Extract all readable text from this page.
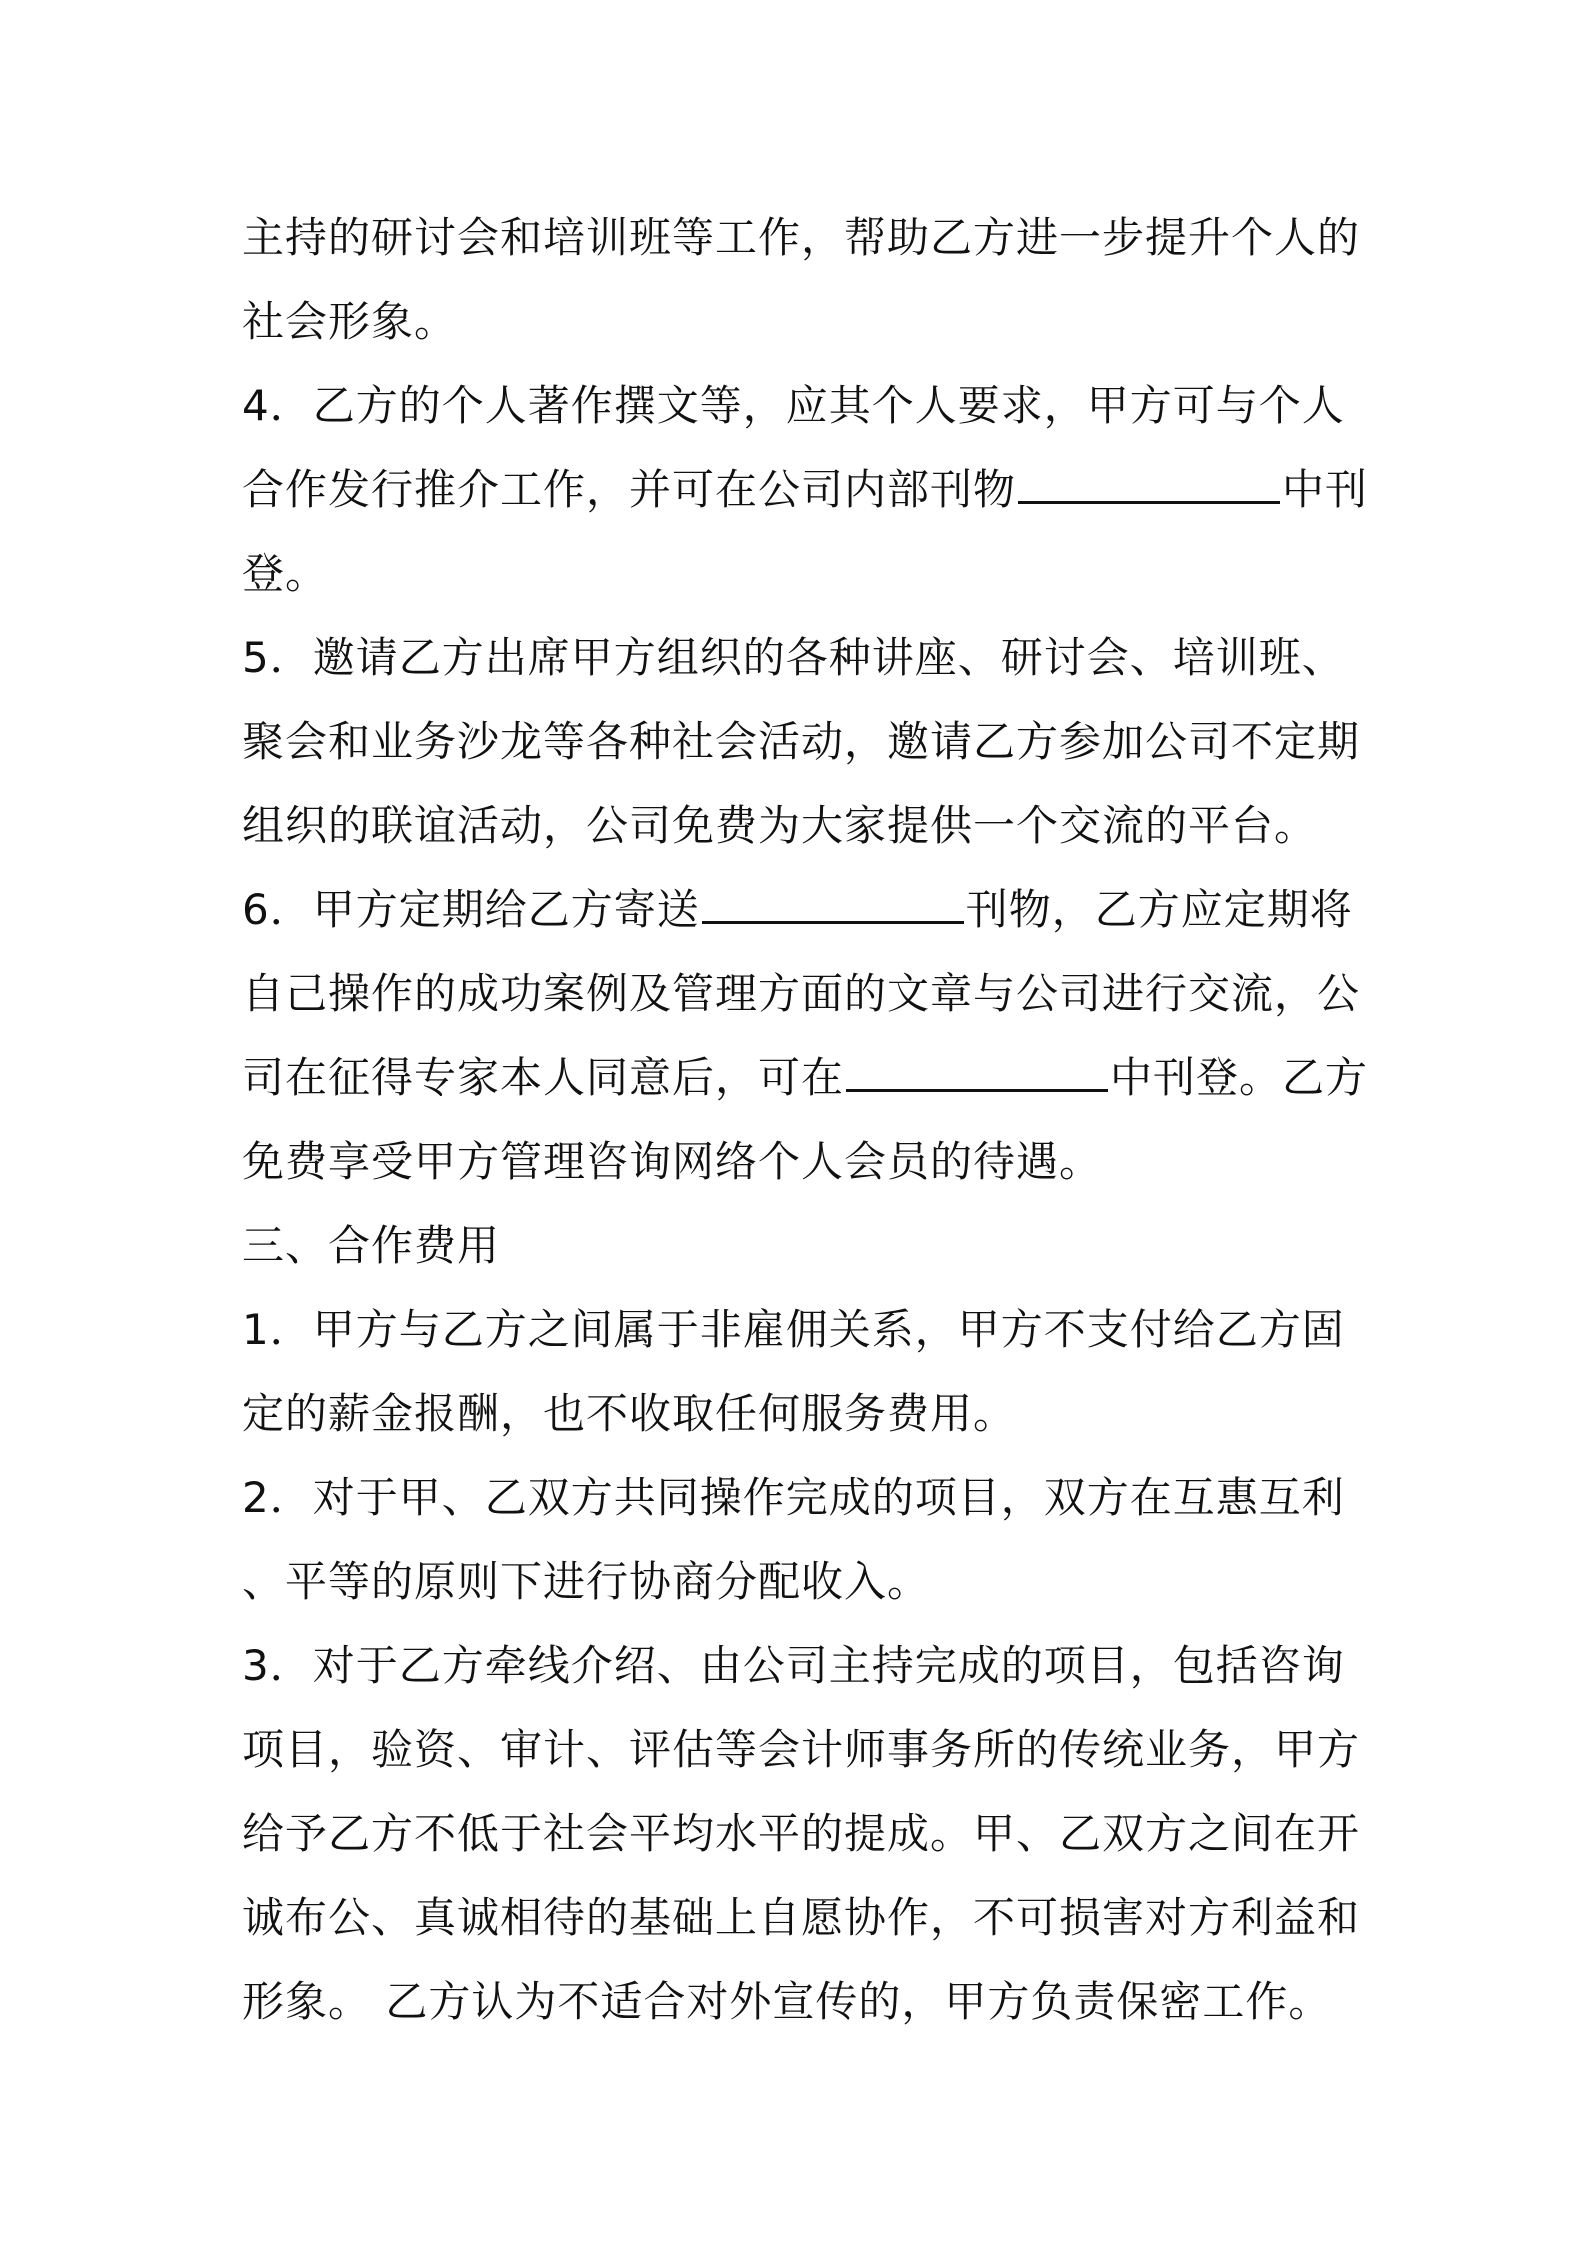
主持的研讨会和培训班等工作，帮助乙方进一步提升个人的
社会形象。
4．乙方的个人著作撰文等，应其个人要求，甲方可与个人
合作发行推介工作，并可在公司内部刊物	中刊
登。
5．邀请乙方出席甲方组织的各种讲座、研讨会、培训班、
聚会和业务沙龙等各种社会活动，邀请乙方参加公司不定期
组织的联谊活动，公司免费为大家提供一个交流的平台。
6．甲方定期给乙方寄送	刊物，乙方应定期将
自己操作的成功案例及管理方面的文章与公司进行交流，公
司在征得专家本人同意后，可在	中刊登。乙方
免费享受甲方管理咨询网络个人会员的待遇。
三、合作费用
1．甲方与乙方之间属于非雇佣关系，甲方不支付给乙方固
定的薪金报酬，也不收取任何服务费用。
2．对于甲、乙双方共同操作完成的项目，双方在互惠互利
、平等的原则下进行协商分配收入。
3．对于乙方牵线介绍、由公司主持完成的项目，包括咨询
项目，验资、审计、评估等会计师事务所的传统业务，甲方
给予乙方不低于社会平均水平的提成。甲、乙双方之间在开
诚布公、真诚相待的基础上自愿协作，不可损害对方利益和
形象。 乙方认为不适合对外宣传的，甲方负责保密工作。
